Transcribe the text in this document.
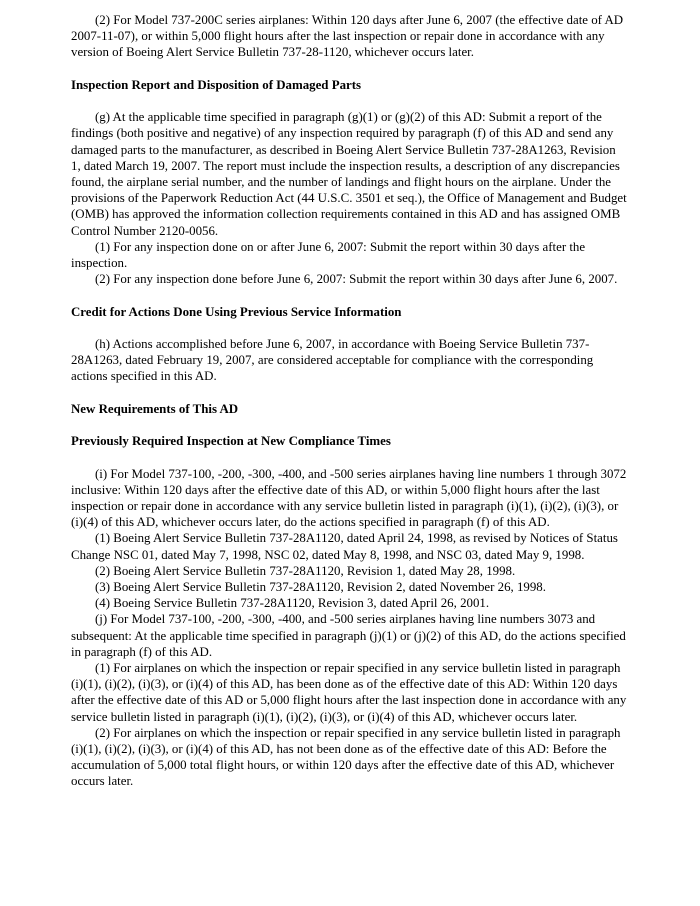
(2) For Model 737-200C series airplanes: Within 120 days after June 6, 2007 (the effective date of AD 2007-11-07), or within 5,000 flight hours after the last inspection or repair done in accordance with any version of Boeing Alert Service Bulletin 737-28-1120, whichever occurs later.

Inspection Report and Disposition of Damaged Parts

(g) At the applicable time specified in paragraph (g)(1) or (g)(2) of this AD: Submit a report of the findings (both positive and negative) of any inspection required by paragraph (f) of this AD and send any damaged parts to the manufacturer, as described in Boeing Alert Service Bulletin 737-28A1263, Revision 1, dated March 19, 2007. The report must include the inspection results, a description of any discrepancies found, the airplane serial number, and the number of landings and flight hours on the airplane. Under the provisions of the Paperwork Reduction Act (44 U.S.C. 3501 et seq.), the Office of Management and Budget (OMB) has approved the information collection requirements contained in this AD and has assigned OMB Control Number 2120-0056.

(1) For any inspection done on or after June 6, 2007: Submit the report within 30 days after the inspection.

(2) For any inspection done before June 6, 2007: Submit the report within 30 days after June 6, 2007.

Credit for Actions Done Using Previous Service Information

(h) Actions accomplished before June 6, 2007, in accordance with Boeing Service Bulletin 737-28A1263, dated February 19, 2007, are considered acceptable for compliance with the corresponding actions specified in this AD.

New Requirements of This AD
Previously Required Inspection at New Compliance Times

(i) For Model 737-100, -200, -300, -400, and -500 series airplanes having line numbers 1 through 3072 inclusive: Within 120 days after the effective date of this AD, or within 5,000 flight hours after the last inspection or repair done in accordance with any service bulletin listed in paragraph (i)(1), (i)(2), (i)(3), or (i)(4) of this AD, whichever occurs later, do the actions specified in paragraph (f) of this AD.

(1) Boeing Alert Service Bulletin 737-28A1120, dated April 24, 1998, as revised by Notices of Status Change NSC 01, dated May 7, 1998, NSC 02, dated May 8, 1998, and NSC 03, dated May 9, 1998.

(2) Boeing Alert Service Bulletin 737-28A1120, Revision 1, dated May 28, 1998.

(3) Boeing Alert Service Bulletin 737-28A1120, Revision 2, dated November 26, 1998.

(4) Boeing Service Bulletin 737-28A1120, Revision 3, dated April 26, 2001.

(j) For Model 737-100, -200, -300, -400, and -500 series airplanes having line numbers 3073 and subsequent: At the applicable time specified in paragraph (j)(1) or (j)(2) of this AD, do the actions specified in paragraph (f) of this AD.

(1) For airplanes on which the inspection or repair specified in any service bulletin listed in paragraph (i)(1), (i)(2), (i)(3), or (i)(4) of this AD, has been done as of the effective date of this AD: Within 120 days after the effective date of this AD or 5,000 flight hours after the last inspection done in accordance with any service bulletin listed in paragraph (i)(1), (i)(2), (i)(3), or (i)(4) of this AD, whichever occurs later.

(2) For airplanes on which the inspection or repair specified in any service bulletin listed in paragraph (i)(1), (i)(2), (i)(3), or (i)(4) of this AD, has not been done as of the effective date of this AD: Before the accumulation of 5,000 total flight hours, or within 120 days after the effective date of this AD, whichever occurs later.
